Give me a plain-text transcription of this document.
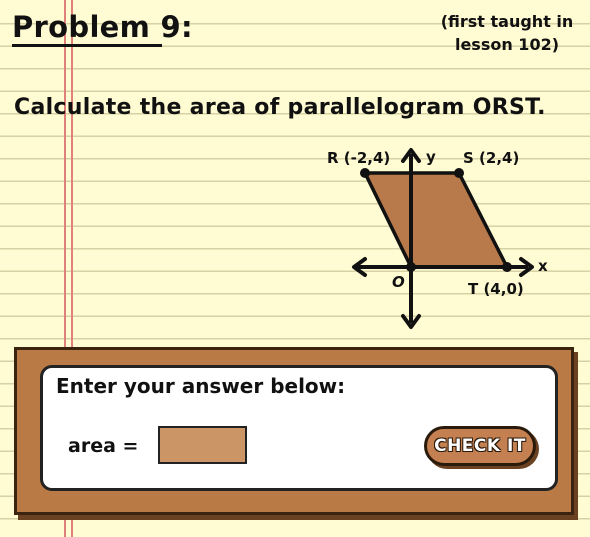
Problem 9:	(first taught in
lesson 102)
Calculate the area of parallelogram ORST.
R (-2,4)	S (2,4)
T (4,0)
O
y
x
Enter your answer below:
area =	CHECK IT
